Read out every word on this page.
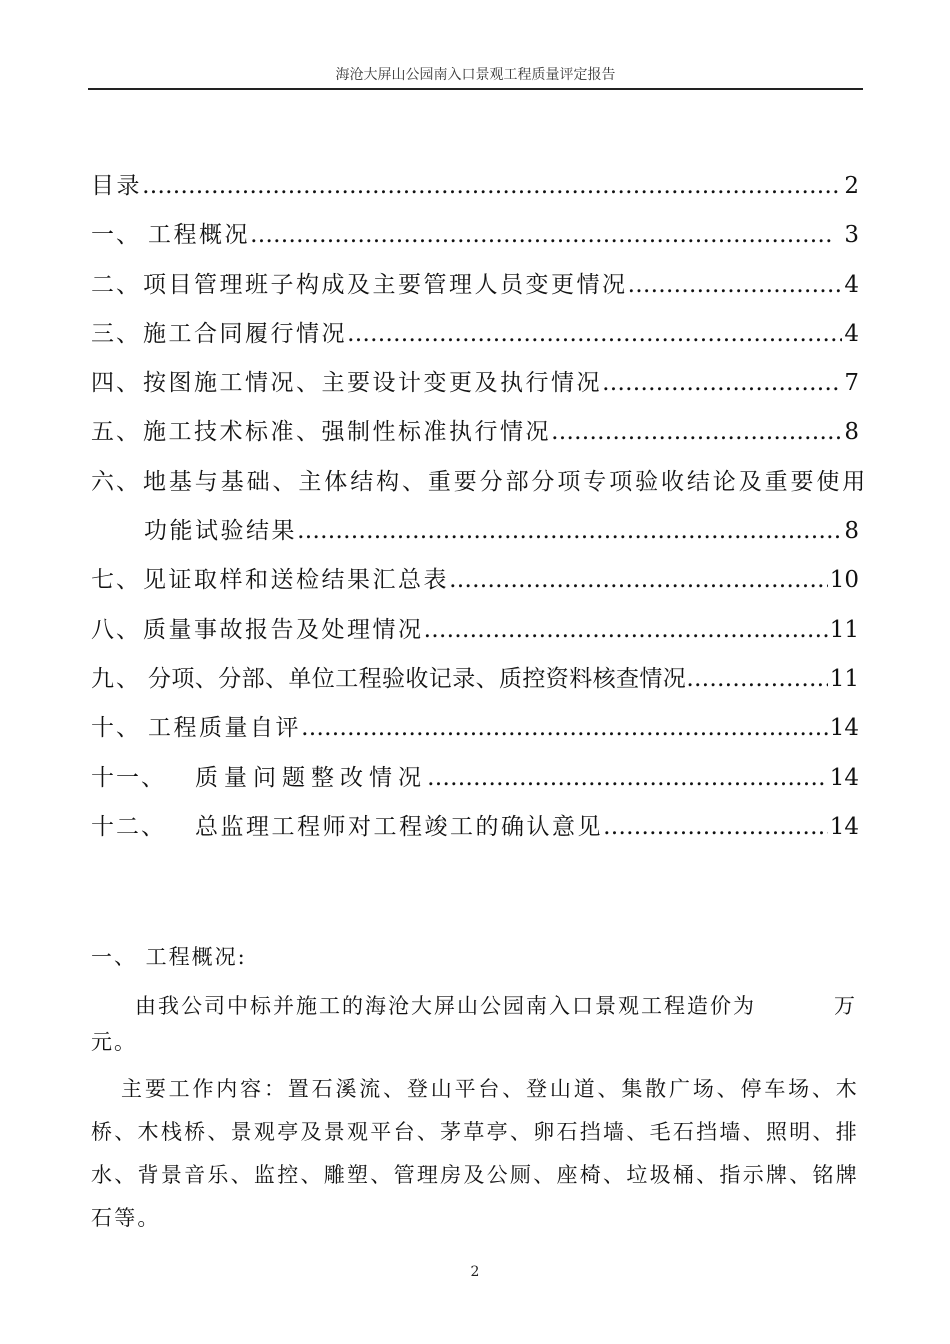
海沧大屏山公园南入口景观工程质量评定报告
目录 …………………………………………………………………………………………………………………………………………………………………………………	2
一、 工程概况 …………………………………………………………………………………………………………………………………………………………………………………	3
二、 项目管理班子构成及主要管理人员变更情况 …………………………………………………………………………………………………………………………………………………………………………………	4
三、 施工合同履行情况 …………………………………………………………………………………………………………………………………………………………………………………	4
四、 按图施工情况、主要设计变更及执行情况 …………………………………………………………………………………………………………………………………………………………………………………	7
五、 施工技术标准、强制性标准执行情况 …………………………………………………………………………………………………………………………………………………………………………………	8
六、 地基与基础、主体结构、重要分部分项专项验收结论及重要使用
功能试验结果 …………………………………………………………………………………………………………………………………………………………………………………	8
七、 见证取样和送检结果汇总表 …………………………………………………………………………………………………………………………………………………………………………………	10
八、 质量事故报告及处理情况 …………………………………………………………………………………………………………………………………………………………………………………	11
九、 分项、分部、单位工程验收记录、质控资料核查情况 …………………………………………………………………………………………………………………………………………………………………………………	11
十、 工程质量自评 …………………………………………………………………………………………………………………………………………………………………………………	14
十一、	质量问题整改情况 …………………………………………………………………………………………………………………………………………………………………………………	14
十二、	总监理工程师对工程竣工的确认意见 …………………………………………………………………………………………………………………………………………………………………………………	14
一、 工程概况:
由我公司中标并施工的海沧大屏山公园南入口景观工程造价为	万
元。
主要工作内容：置石溪流、登山平台、登山道、集散广场、停车场、木桥、木栈桥、景观亭及景观平台、茅草亭、卵石挡墙、毛石挡墙、照明、排水、背景音乐、监控、雕塑、管理房及公厕、座椅、垃圾桶、指示牌、铭牌石等。
2
